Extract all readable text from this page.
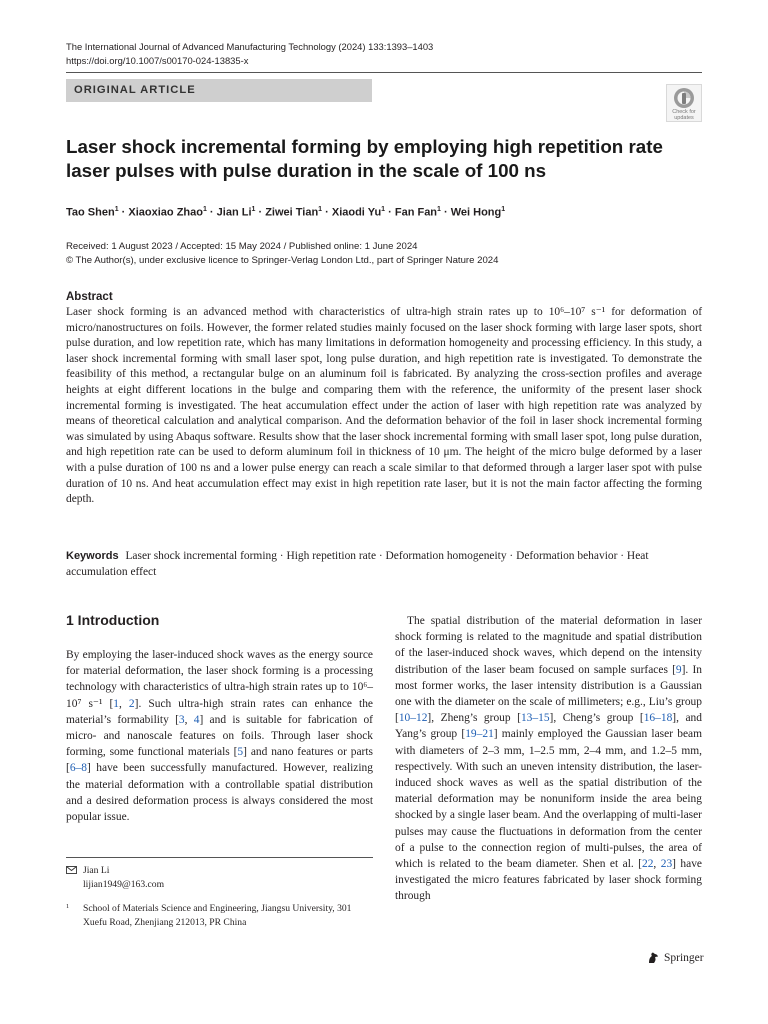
The International Journal of Advanced Manufacturing Technology (2024) 133:1393–1403
https://doi.org/10.1007/s00170-024-13835-x
ORIGINAL ARTICLE
Check for
updates
Laser shock incremental forming by employing high repetition rate laser pulses with pulse duration in the scale of 100 ns
Tao Shen$^1$ · Xiaoxiao Zhao$^1$ · Jian $Li^1$ · Ziwei Tian$^1$ · Xiaodi $Yu^1$ · Fan Fan$^1$ · Wei Hong$^1$
Received: 1 August 2023 / Accepted: 15 May 2024 / Published online: 1 June 2024
© The Author(s), under exclusive licence to Springer-Verlag London Ltd., part of Springer Nature 2024
Abstract

Laser shock forming is an advanced method with characteristics of ultra-high strain rates up to 10⁶–10⁷ s⁻¹ for deformation of micro/nanostructures on foils. However, the former related studies mainly focused on the laser shock forming with large laser spots, short pulse duration, and low repetition rate, which has many limitations in deformation homogeneity and processing efficiency. In this study, a laser shock incremental forming with small laser spot, long pulse duration, and high repetition rate is investigated. To demonstrate the feasibility of this method, a rectangular bulge on an aluminum foil is fabricated. By analyzing the cross-section profiles and average heights at eight different locations in the bulge and comparing them with the reference, the uniformity of the present laser shock incremental forming is investigated. The heat accumulation effect under the action of laser with high repetition rate was analyzed by means of theoretical calculation and analytical comparison. And the deformation behavior of the foil in laser shock incremental forming was simulated by using Abaqus software. Results show that the laser shock incremental forming with small laser spot, long pulse duration, and high repetition rate can be used to deform aluminum foil in thickness of 10 μm. The height of the micro bulge deformed by a laser with a pulse duration of 100 ns and a lower pulse energy can reach a scale similar to that deformed through a larger laser spot with pulse duration of 10 ns. And heat accumulation effect may exist in high repetition rate laser, but it is not the main factor affecting the forming depth.

Keywords Laser shock incremental forming · High repetition rate · Deformation homogeneity · Deformation behavior · Heat accumulation effect

1 Introduction

By employing the laser-induced shock waves as the energy source for material deformation, the laser shock forming is a processing technology with characteristics of ultra-high strain rates up to 10⁶–10⁷ s⁻¹ [1, 2]. Such ultra-high strain rates can enhance the material’s formability [3, 4] and is suitable for fabrication of micro- and nanoscale features on foils. Through laser shock forming, some functional materials [5] and nano features or parts [6–8] have been successfully manufactured. However, realizing the material deformation with a controllable spatial distribution and a desired deformation process is always considered the most popular issue.

The spatial distribution of the material deformation in laser shock forming is related to the magnitude and spatial distribution of the laser-induced shock waves, which depend on the intensity distribution of the laser beam focused on sample surfaces [9]. In most former works, the laser intensity distribution is a Gaussian one with the diameter on the scale of millimeters; e.g., Liu’s group [10–12], Zheng’s group [13–15], Cheng’s group [16–18], and Yang’s group [19–21] mainly employed the Gaussian laser beam with diameters of 2–3 mm, 1–2.5 mm, 2–4 mm, and 1.2–5 mm, respectively. With such an uneven intensity distribution, the laser-induced shock waves as well as the spatial distribution of the material deformation may be nonuniform inside the area being shocked by a single laser beam. And the overlapping of multi-laser pulses may cause the fluctuations in deformation from the center of a pulse to the connection region of multi-pulses, the area of which is related to the beam diameter. Shen et al. [22, 23] have investigated the micro features fabricated by laser shock forming through

Jian Li
lijian1949@163.com
1 School of Materials Science and Engineering, Jiangsu University, 301 Xuefu Road, Zhenjiang 212013, PR China
Springer
